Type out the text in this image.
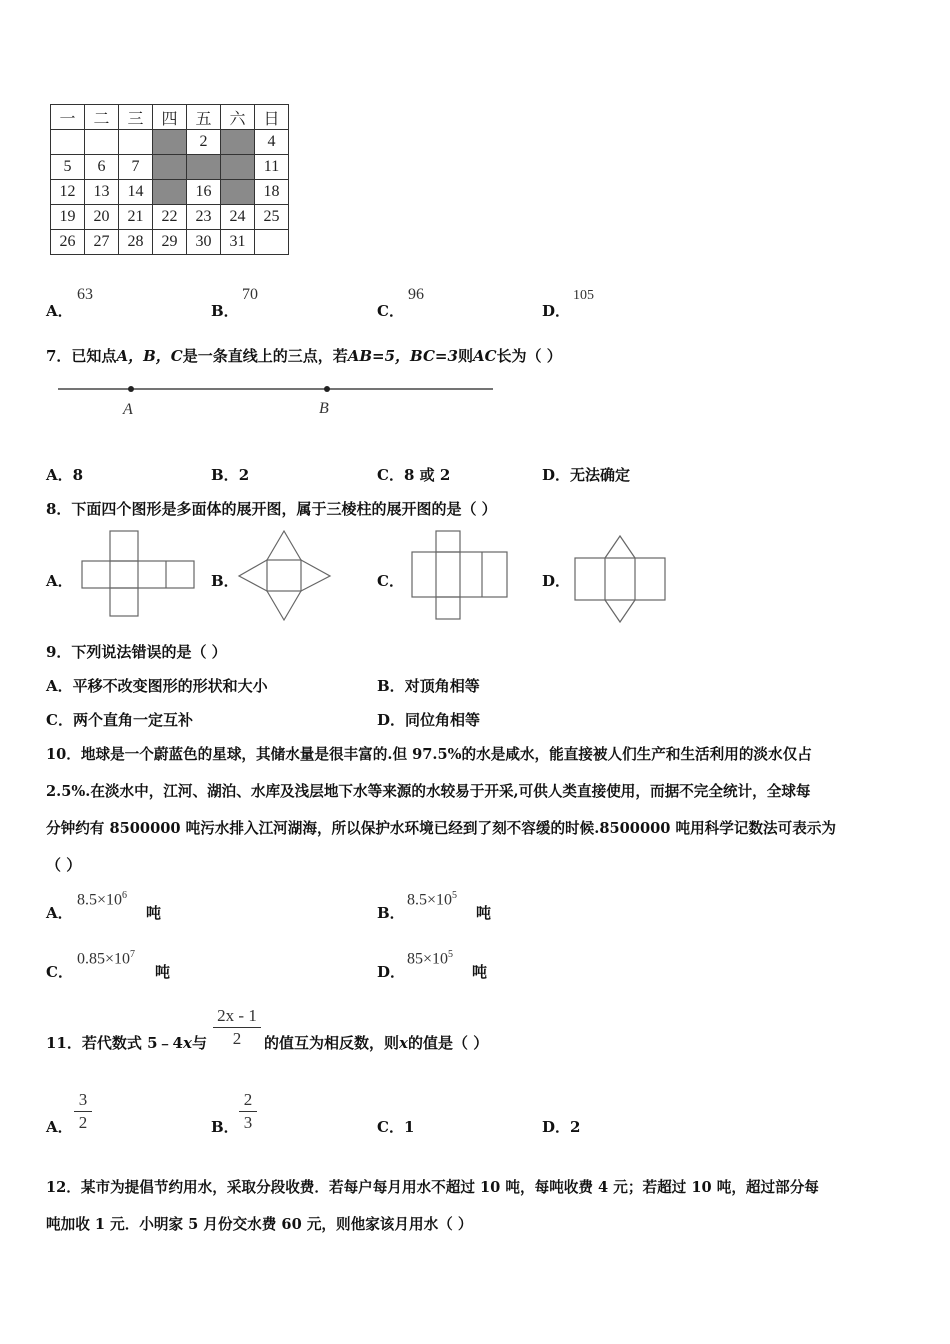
一	二	三	四	五	六	日
				2		4
5	6	7				11
12	13	14		16		18
19	20	21	22	23	24	25
26	27	28	29	30	31	
A．
63
B．
70
C．
96
D．
105
7．已知点A，B，C是一条直线上的三点，若AB=5，BC=3则AC长为（ ）
A	B
A．8	B．2	C．8 或 2	D．无法确定
8．下面四个图形是多面体的展开图，属于三棱柱的展开图的是（ ）
A．	B．	C．	D．
9．下列说法错误的是（ ）
A．平移不改变图形的形状和大小	B．对顶角相等
C．两个直角一定互补	D．同位角相等
10．地球是一个蔚蓝色的星球，其储水量是很丰富的.但 97.5%的水是咸水，能直接被人们生产和生活利用的淡水仅占
2.5%.在淡水中，江河、湖泊、水库及浅层地下水等来源的水较易于开采,可供人类直接使用，而据不完全统计，全球每
分钟约有 8500000 吨污水排入江河湖海，所以保护水环境已经到了刻不容缓的时候.8500000 吨用科学记数法可表示为
（ ）
A．
$8.5\times 10^6$
吨	B．
$8.5\times 10^5$
吨
C．
$0.85\times 10^7$
吨	D．
$85\times 10^5$
吨
11．若代数式 5﹣4x与
2x - 1
2	的值互为相反数，则x的值是（ ）
A．
3
2	B．
2
3	C．1	D．2
12．某市为提倡节约用水，采取分段收费．若每户每月用水不超过 10 吨，每吨收费 4 元；若超过 10 吨，超过部分每
吨加收 1 元．小明家 5 月份交水费 60 元，则他家该月用水（ ）
